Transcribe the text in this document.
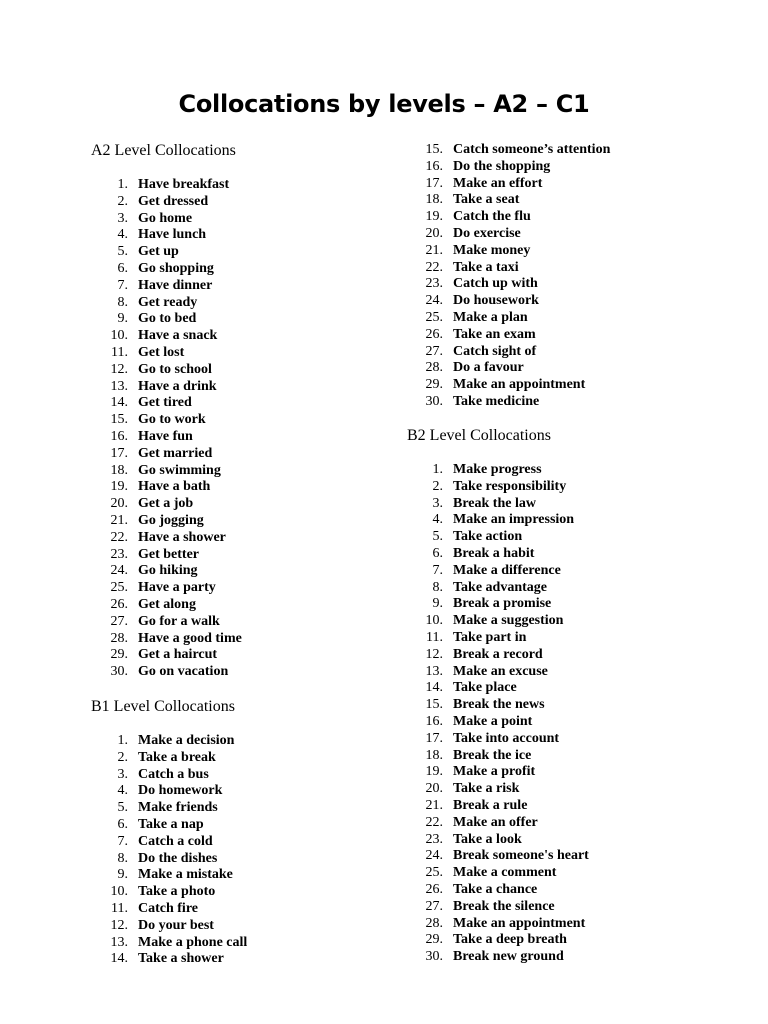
Collocations by levels – A2 – C1
A2 Level Collocations
1. Have breakfast
2. Get dressed
3. Go home
4. Have lunch
5. Get up
6. Go shopping
7. Have dinner
8. Get ready
9. Go to bed
10. Have a snack
11. Get lost
12. Go to school
13. Have a drink
14. Get tired
15. Go to work
16. Have fun
17. Get married
18. Go swimming
19. Have a bath
20. Get a job
21. Go jogging
22. Have a shower
23. Get better
24. Go hiking
25. Have a party
26. Get along
27. Go for a walk
28. Have a good time
29. Get a haircut
30. Go on vacation
B1 Level Collocations
1. Make a decision
2. Take a break
3. Catch a bus
4. Do homework
5. Make friends
6. Take a nap
7. Catch a cold
8. Do the dishes
9. Make a mistake
10. Take a photo
11. Catch fire
12. Do your best
13. Make a phone call
14. Take a shower
15. Catch someone’s attention
16. Do the shopping
17. Make an effort
18. Take a seat
19. Catch the flu
20. Do exercise
21. Make money
22. Take a taxi
23. Catch up with
24. Do housework
25. Make a plan
26. Take an exam
27. Catch sight of
28. Do a favour
29. Make an appointment
30. Take medicine
B2 Level Collocations
1. Make progress
2. Take responsibility
3. Break the law
4. Make an impression
5. Take action
6. Break a habit
7. Make a difference
8. Take advantage
9. Break a promise
10. Make a suggestion
11. Take part in
12. Break a record
13. Make an excuse
14. Take place
15. Break the news
16. Make a point
17. Take into account
18. Break the ice
19. Make a profit
20. Take a risk
21. Break a rule
22. Make an offer
23. Take a look
24. Break someone's heart
25. Make a comment
26. Take a chance
27. Break the silence
28. Make an appointment
29. Take a deep breath
30. Break new ground
